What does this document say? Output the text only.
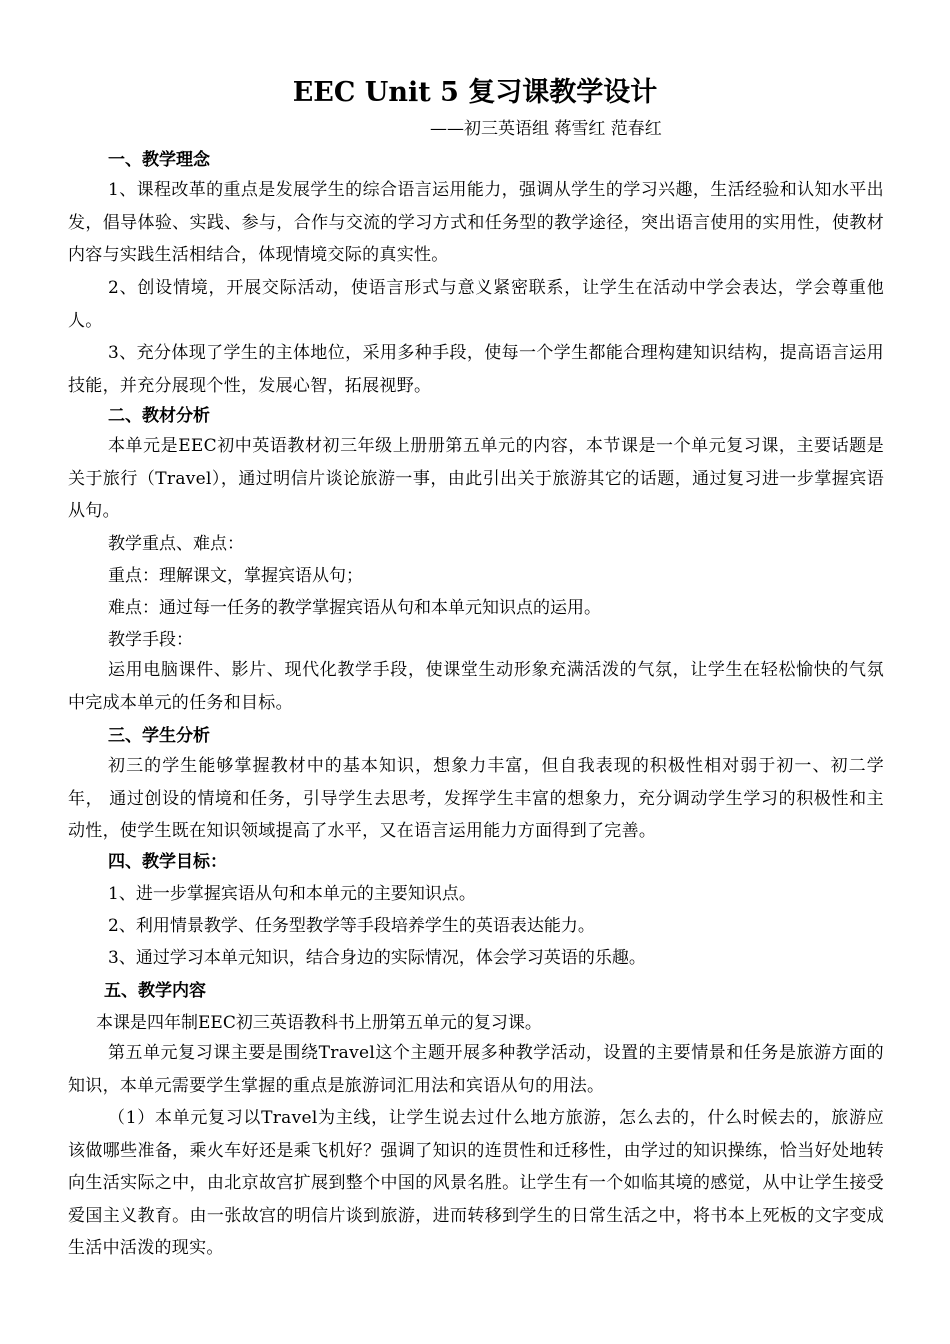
EEC Unit 5 复习课教学设计
——初三英语组 蒋雪红 范春红
一、教学理念
1、课程改革的重点是发展学生的综合语言运用能力，强调从学生的学习兴趣，生活经验和认知水平出发，倡导体验、实践、参与，合作与交流的学习方式和任务型的教学途径，突出语言使用的实用性，使教材内容与实践生活相结合，体现情境交际的真实性。
2、创设情境，开展交际活动，使语言形式与意义紧密联系，让学生在活动中学会表达，学会尊重他人。
3、充分体现了学生的主体地位，采用多种手段，使每一个学生都能合理构建知识结构，提高语言运用技能，并充分展现个性，发展心智，拓展视野。
二、教材分析
本单元是EEC初中英语教材初三年级上册册第五单元的内容，本节课是一个单元复习课，主要话题是关于旅行（Travel），通过明信片谈论旅游一事，由此引出关于旅游其它的话题，通过复习进一步掌握宾语从句。
教学重点、难点：
重点：理解课文，掌握宾语从句；
难点：通过每一任务的教学掌握宾语从句和本单元知识点的运用。
教学手段：
运用电脑课件、影片、现代化教学手段，使课堂生动形象充满活泼的气氛，让学生在轻松愉快的气氛中完成本单元的任务和目标。
三、学生分析
初三的学生能够掌握教材中的基本知识，想象力丰富，但自我表现的积极性相对弱于初一、初二学年， 通过创设的情境和任务，引导学生去思考，发挥学生丰富的想象力，充分调动学生学习的积极性和主动性，使学生既在知识领域提高了水平，又在语言运用能力方面得到了完善。
四、教学目标：
1、进一步掌握宾语从句和本单元的主要知识点。
2、利用情景教学、任务型教学等手段培养学生的英语表达能力。
3、通过学习本单元知识，结合身边的实际情况，体会学习英语的乐趣。
五、教学内容
本课是四年制EEC初三英语教科书上册第五单元的复习课。
第五单元复习课主要是围绕Travel这个主题开展多种教学活动，设置的主要情景和任务是旅游方面的知识，本单元需要学生掌握的重点是旅游词汇用法和宾语从句的用法。
（1）本单元复习以Travel为主线，让学生说去过什么地方旅游，怎么去的，什么时候去的，旅游应该做哪些准备，乘火车好还是乘飞机好？强调了知识的连贯性和迁移性，由学过的知识操练，恰当好处地转向生活实际之中，由北京故宫扩展到整个中国的风景名胜。让学生有一个如临其境的感觉，从中让学生接受爱国主义教育。由一张故宫的明信片谈到旅游，进而转移到学生的日常生活之中，将书本上死板的文字变成生活中活泼的现实。
